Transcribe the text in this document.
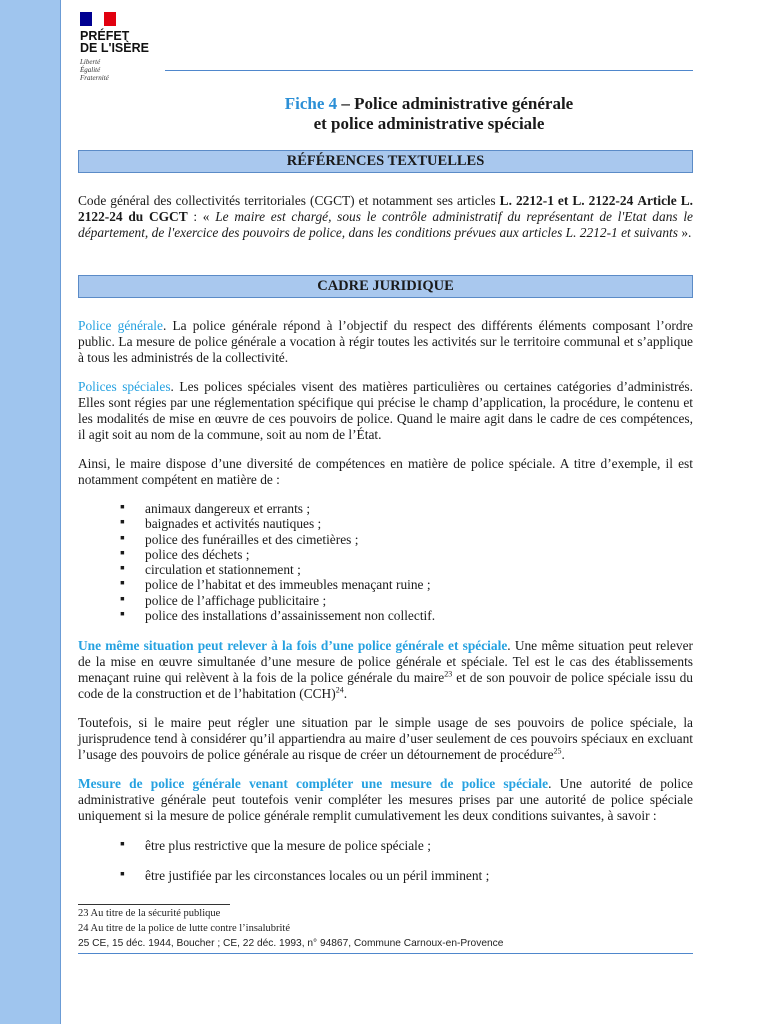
PRÉFET
DE L'ISÈRE
Liberté
Égalité
Fraternité
Fiche 4 – Police administrative générale
et police administrative spéciale
RÉFÉRENCES TEXTUELLES
Code général des collectivités territoriales (CGCT) et notamment ses articles L. 2212-1 et L. 2122-24 Article L. 2122-24 du CGCT : « Le maire est chargé, sous le contrôle administratif du représentant de l'Etat dans le département, de l'exercice des pouvoirs de police, dans les conditions prévues aux articles L. 2212-1 et suivants ».
CADRE JURIDIQUE
Police générale. La police générale répond à l’objectif du respect des différents éléments composant l’ordre public. La mesure de police générale a vocation à régir toutes les activités sur le territoire communal et s’applique à tous les administrés de la collectivité.
Polices spéciales. Les polices spéciales visent des matières particulières ou certaines catégories d’administrés. Elles sont régies par une réglementation spécifique qui précise le champ d’application, la procédure, le contenu et les modalités de mise en œuvre de ces pouvoirs de police. Quand le maire agit dans le cadre de ces compétences, il agit soit au nom de la commune, soit au nom de l’État.
Ainsi, le maire dispose d’une diversité de compétences en matière de police spéciale. A titre d’exemple, il est notamment compétent en matière de :
▪ animaux dangereux et errants ;
▪ baignades et activités nautiques ;
▪ police des funérailles et des cimetières ;
▪ police des déchets ;
▪ circulation et stationnement ;
▪ police de l’habitat et des immeubles menaçant ruine ;
▪ police de l’affichage publicitaire ;
▪ police des installations d’assainissement non collectif.
Une même situation peut relever à la fois d’une police générale et spéciale. Une même situation peut relever de la mise en œuvre simultanée d’une mesure de police générale et spéciale. Tel est le cas des établissements menaçant ruine qui relèvent à la fois de la police générale du maire$^{23}$ et de son pouvoir de police spéciale issu du code de la construction et de l’habitation (CCH)$^{24}$.
Toutefois, si le maire peut régler une situation par le simple usage de ses pouvoirs de police spéciale, la jurisprudence tend à considérer qu’il appartiendra au maire d’user seulement de ces pouvoirs spéciaux en excluant l’usage des pouvoirs de police générale au risque de créer un détournement de procédure$^{25}$.
Mesure de police générale venant compléter une mesure de police spéciale. Une autorité de police administrative générale peut toutefois venir compléter les mesures prises par une autorité de police spéciale uniquement si la mesure de police générale remplit cumulativement les deux conditions suivantes, à savoir :
▪ être plus restrictive que la mesure de police spéciale ;
▪ être justifiée par les circonstances locales ou un péril imminent ;
23 Au titre de la sécurité publique
24 Au titre de la police de lutte contre l’insalubrité
25 CE, 15 déc. 1944, Boucher ; CE, 22 déc. 1993, n° 94867, Commune Carnoux-en-Provence
